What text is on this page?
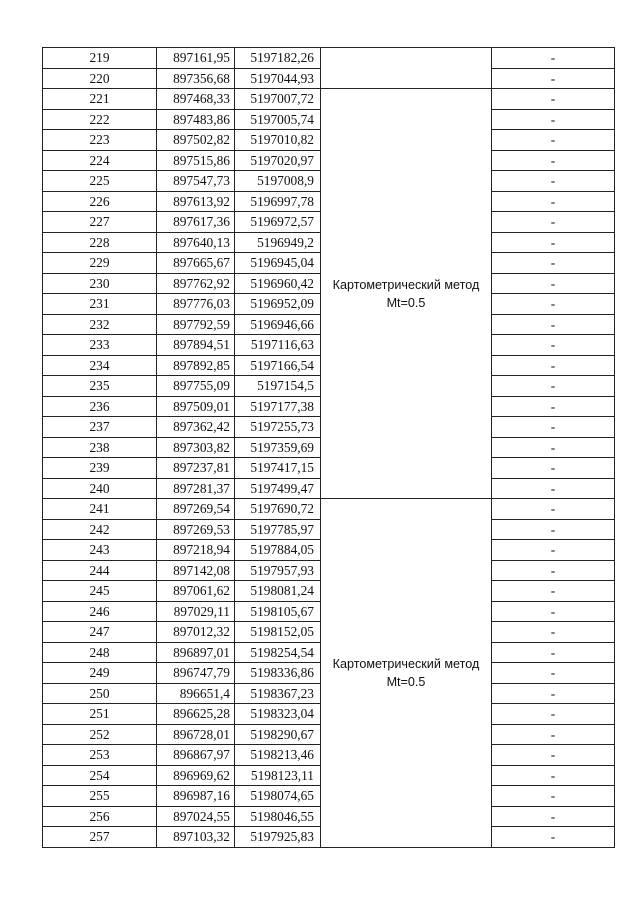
219	897161,95	5197182,26		-
220	897356,68	5197044,93		-
221	897468,33	5197007,72	Картометрический метод Mt=0.5	-
222	897483,86	5197005,74		-
223	897502,82	5197010,82		-
224	897515,86	5197020,97		-
225	897547,73	5197008,9		-
226	897613,92	5196997,78		-
227	897617,36	5196972,57		-
228	897640,13	5196949,2		-
229	897665,67	5196945,04		-
230	897762,92	5196960,42		-
231	897776,03	5196952,09		-
232	897792,59	5196946,66		-
233	897894,51	5197116,63		-
234	897892,85	5197166,54		-
235	897755,09	5197154,5		-
236	897509,01	5197177,38		-
237	897362,42	5197255,73		-
238	897303,82	5197359,69		-
239	897237,81	5197417,15		-
240	897281,37	5197499,47		-
241	897269,54	5197690,72	Картометрический метод Mt=0.5	-
242	897269,53	5197785,97		-
243	897218,94	5197884,05		-
244	897142,08	5197957,93		-
245	897061,62	5198081,24		-
246	897029,11	5198105,67		-
247	897012,32	5198152,05		-
248	896897,01	5198254,54		-
249	896747,79	5198336,86		-
250	896651,4	5198367,23		-
251	896625,28	5198323,04		-
252	896728,01	5198290,67		-
253	896867,97	5198213,46		-
254	896969,62	5198123,11		-
255	896987,16	5198074,65		-
256	897024,55	5198046,55		-
257	897103,32	5197925,83		-
